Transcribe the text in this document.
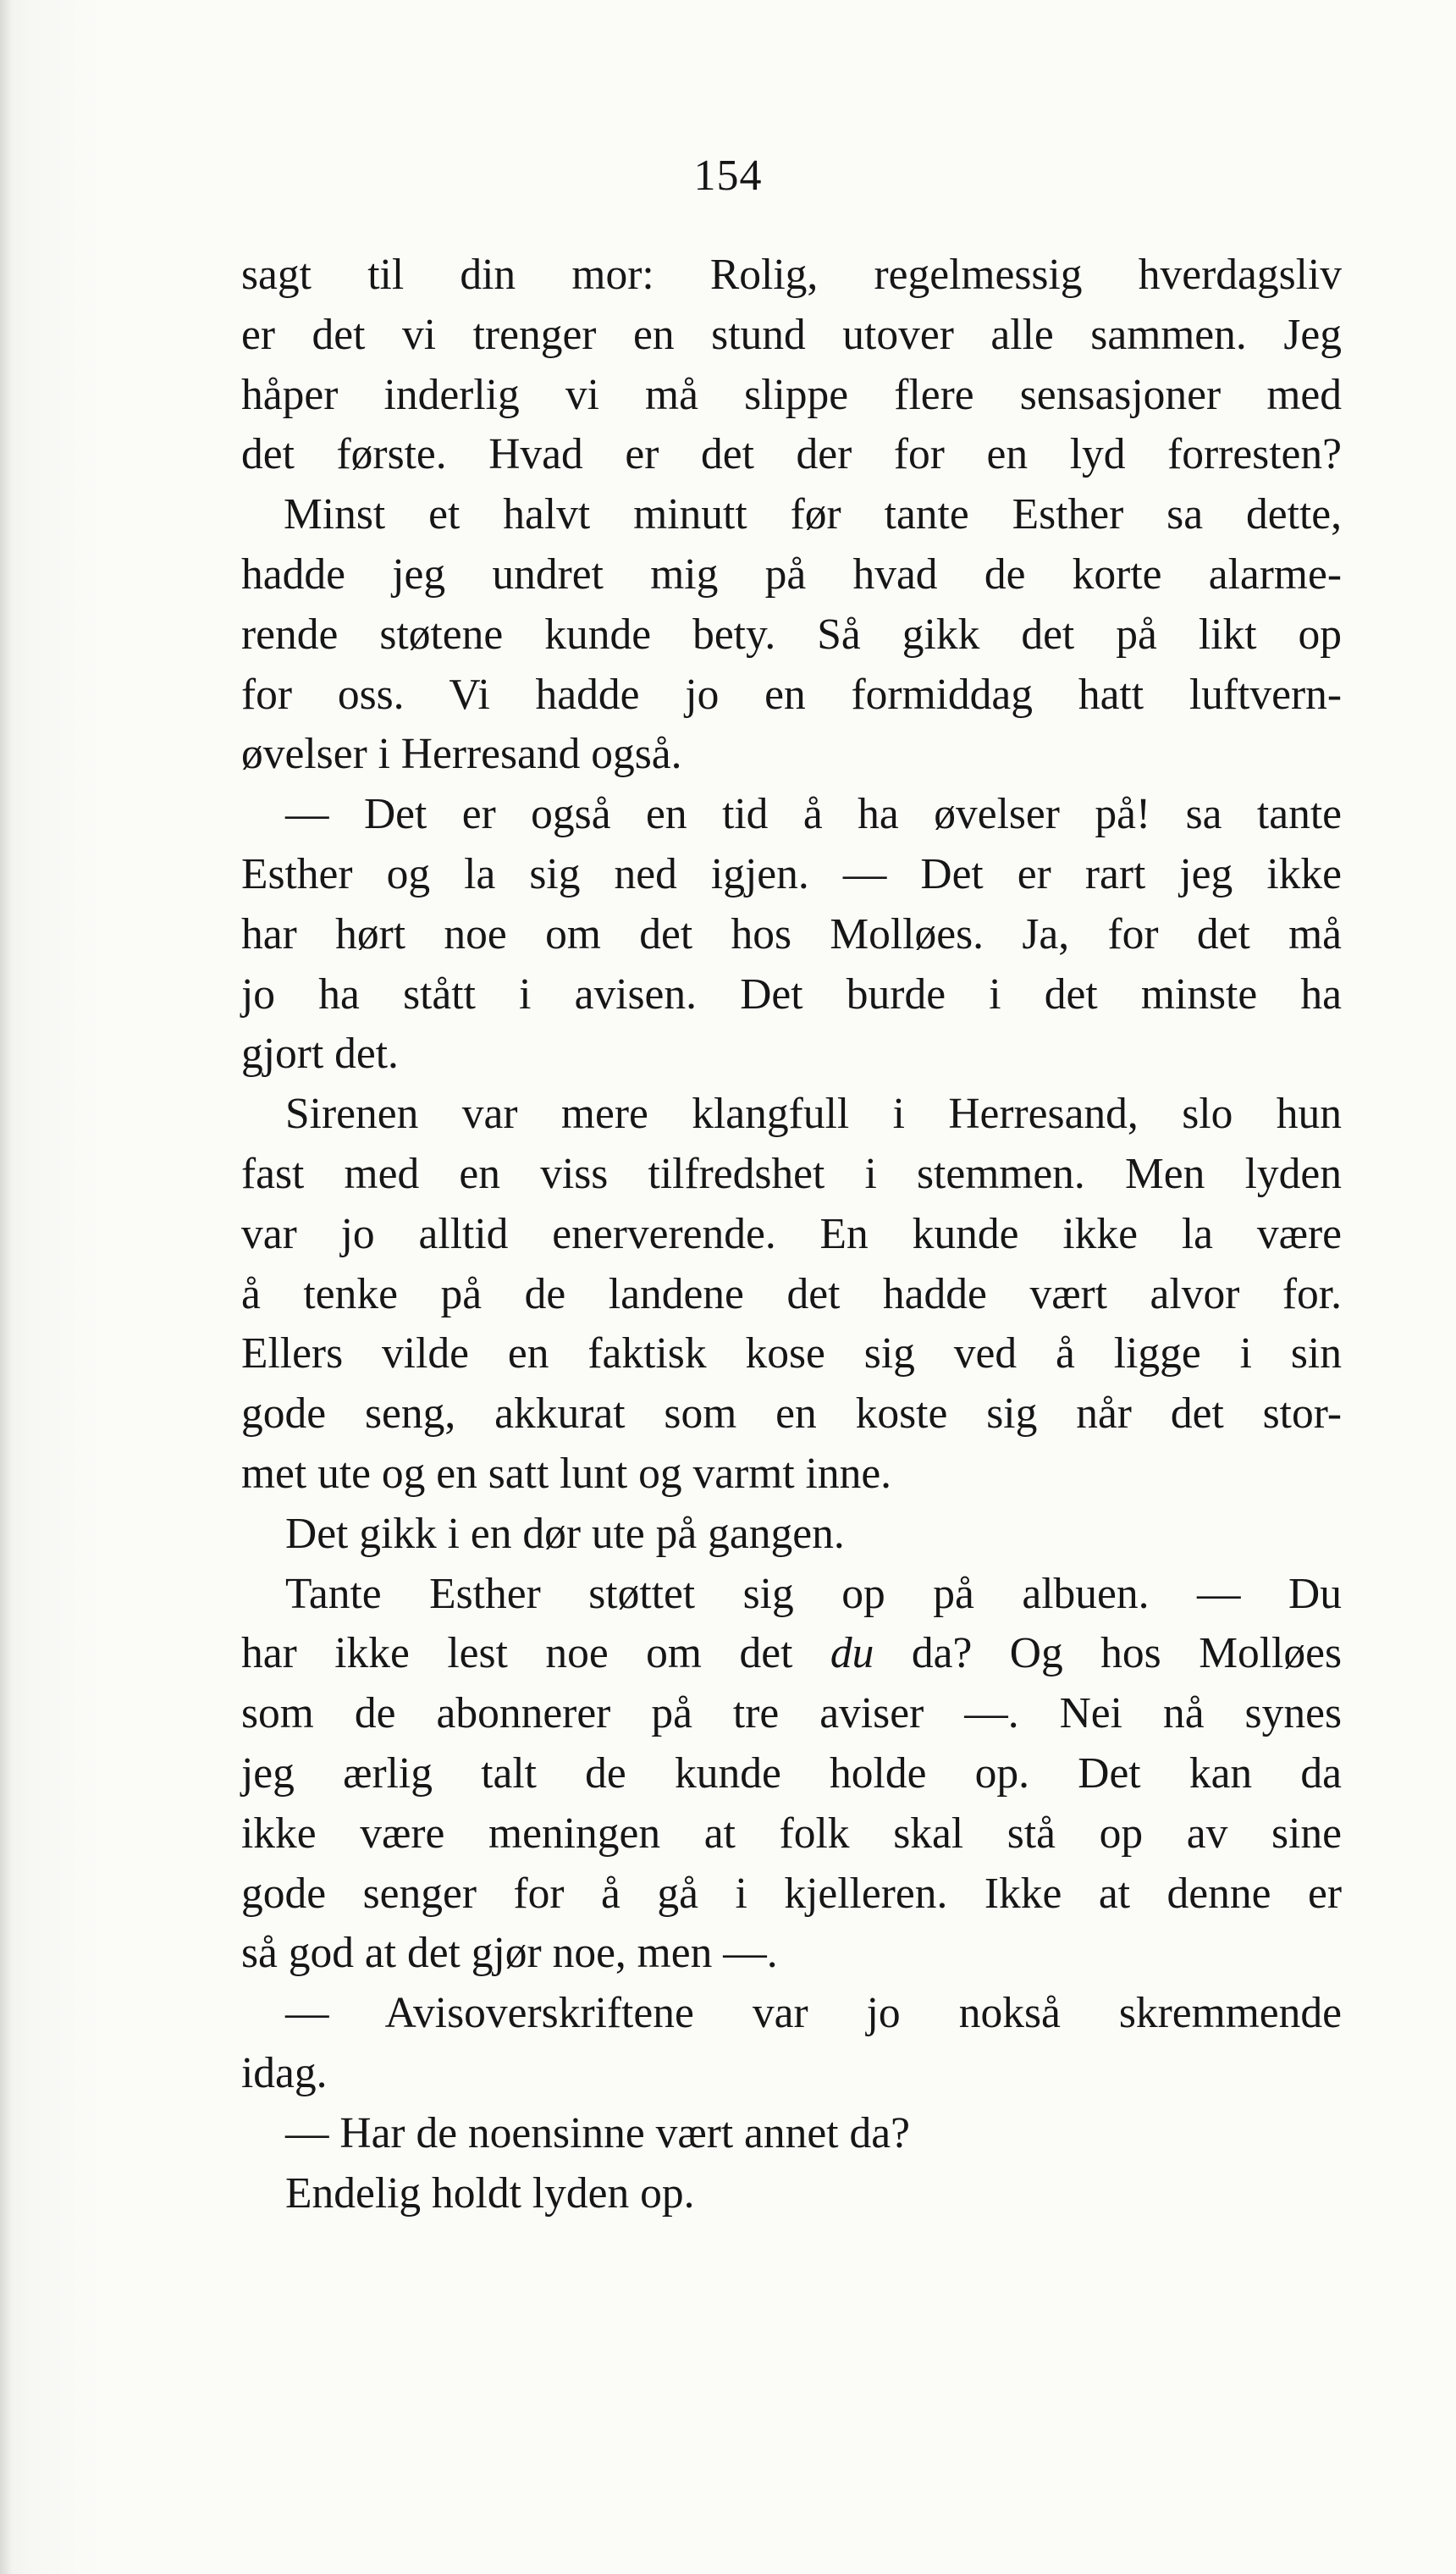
154
sagt til din mor: Rolig, regelmessig hverdagsliv
er det vi trenger en stund utover alle sammen. Jeg
håper inderlig vi må slippe flere sensasjoner med
det første. Hvad er det der for en lyd forresten?
Minst et halvt minutt før tante Esther sa dette,
hadde jeg undret mig på hvad de korte alarme-
rende støtene kunde bety. Så gikk det på likt op
for oss. Vi hadde jo en formiddag hatt luftvern-
øvelser i Herresand også.
— Det er også en tid å ha øvelser på! sa tante
Esther og la sig ned igjen. — Det er rart jeg ikke
har hørt noe om det hos Molløes. Ja, for det må
jo ha stått i avisen. Det burde i det minste ha
gjort det.
Sirenen var mere klangfull i Herresand, slo hun
fast med en viss tilfredshet i stemmen. Men lyden
var jo alltid enerverende. En kunde ikke la være
å tenke på de landene det hadde vært alvor for.
Ellers vilde en faktisk kose sig ved å ligge i sin
gode seng, akkurat som en koste sig når det stor-
met ute og en satt lunt og varmt inne.
Det gikk i en dør ute på gangen.
Tante Esther støttet sig op på albuen. — Du
har ikke lest noe om det du da? Og hos Molløes
som de abonnerer på tre aviser —. Nei nå synes
jeg ærlig talt de kunde holde op. Det kan da
ikke være meningen at folk skal stå op av sine
gode senger for å gå i kjelleren. Ikke at denne er
så god at det gjør noe, men —.
— Avisoverskriftene var jo nokså skremmende
idag.
— Har de noensinne vært annet da?
Endelig holdt lyden op.
